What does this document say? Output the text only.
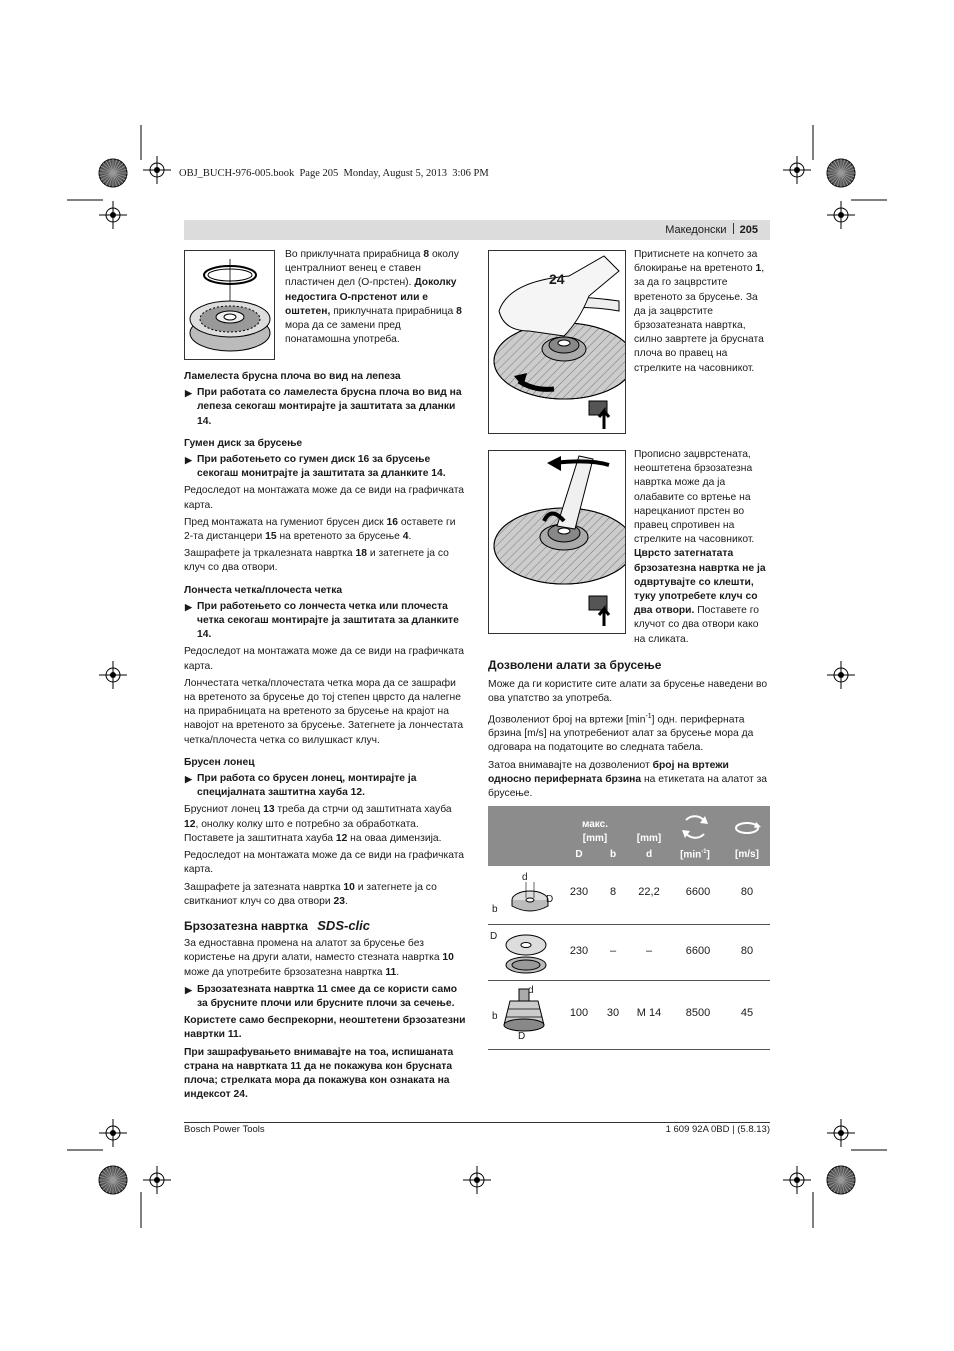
OBJ_BUCH-976-005.book  Page 205  Monday, August 5, 2013  3:06 PM
Македонски 205

Во приклучната прирабница 8 околу централниот венец е ставен пластичен дел (О-прстен). Доколку недостига О-прстенот или е оштетен, приклучната прирабница 8 мора да се замени пред понатамошна употреба.

Ламелеста брусна плоча во вид на лепеза

▶ При работата со ламелеста брусна плоча во вид на лепеза секогаш монтирајте ја заштитата за дланки 14.

Гумен диск за брусење

▶ При работењето со гумен диск 16 за брусење секогаш монитрајте ја заштитата за дланките 14.

Редоследот на монтажата може да се види на графичката карта.

Пред монтажата на гумениот брусен диск 16 оставете ги 2-та дистанцери 15 на вретеното за брусење 4.

Зашрафете ја тркалезната навртка 18 и затегнете ја со клуч со два отвори.

Лончеста четка/плочеста четка

▶ При работењето со лончеста четка или плочеста четка секогаш монтирајте ја заштитата за дланките 14.

Редоследот на монтажата може да се види на графичката карта.

Лончестата четка/плочестата четка мора да се зашрафи на вретеното за брусење до тој степен цврсто да налегне на прирабницата на вретеното за брусење на крајот на навојот на вретеното за брусење. Затегнете ја лончестата четка/плочеста четка со вилушкаст клуч.

Брусен лонец

▶ При работа со брусен лонец, монтирајте ја специјалната заштитна хауба 12.

Брусниот лонец 13 треба да стрчи од заштитната хауба 12, онолку колку што е потребно за обработката. Поставете ја заштитната хауба 12 на оваа димензија.

Редоследот на монтажата може да се види на графичката карта.

Зашрафете ја затезната навртка 10 и затегнете ја со свитканиот клуч со два отвори 23.

Брзозатезна навртка SDS-clic

За едноставна промена на алатот за брусење без користење на други алати, наместо стезната навртка 10 може да употребите брзозатезна навртка 11.

▶ Брзозатезната навртка 11 смее да се користи само за брусните плочи или брусните плочи за сечење.

Користете само беспрекорни, неоштетени брзозатезни навртки 11.

При зашрафувањето внимавајте на тоа, испишаната страна на навртката 11 да не покажува кон брусната плоча; стрелката мора да покажува кон ознаката на индексот 24.

24

Притиснете на копчето за блокирање на вретеното 1, за да го зацврстите вретеното за брусење. За да ја зацврстите брзозатезната навртка, силно завртете ја брусната плоча во правец на стрелките на часовникот.

Прописно заџврстената, неоштетена брзозатезна навртка може да ја олабавите со вртење на нарецканиот прстен во правец спротивен на стрелките на часовникот. Цврсто затегнатата брзозатезна навртка не ја одвртувајте со клешти, туку употребете клуч со два отвори. Поставете го клучот со два отвори како на сликата.

Дозволени алати за брусење

Може да ги користите сите алати за брусење наведени во ова упатство за употреба.

Дозволениот број на вртежи $[\min^{-1}]$ одн. периферната брзина [m/s] на употребениот алат за брусење мора да одговара на податоците во следната табела.

Затоа внимавајте на дозволениот број на вртежи односно периферната брзина на етикетата на алатот за брусење.

макс.
[mm]	[mm]
D	b	d	$[\min^{-1}]$	[m/s]
d
D
b
230	8	22,2	6600	80
D
230	–	–	6600	80
d
b
D
100	30	M 14	8500	45
Bosch Power Tools	1 609 92A 0BD | (5.8.13)
